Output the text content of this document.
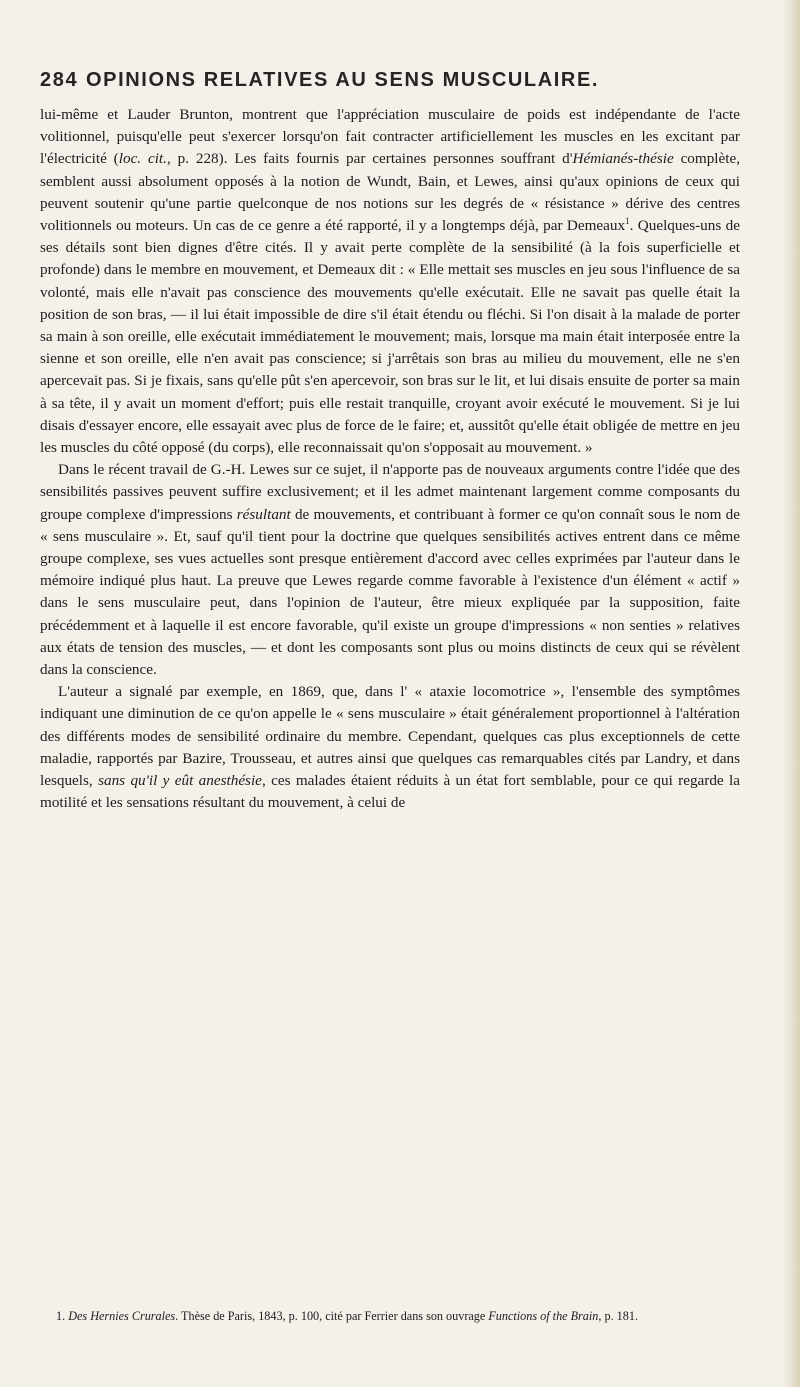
284 OPINIONS RELATIVES AU SENS MUSCULAIRE.

lui-même et Lauder Brunton, montrent que l'appréciation musculaire de poids est indépendante de l'acte volitionnel, puisqu'elle peut s'exercer lorsqu'on fait contracter artificiellement les muscles en les excitant par l'électricité (loc. cit., p. 228). Les faits fournis par certaines personnes souffrant d'Hémianés-thésie complète, semblent aussi absolument opposés à la notion de Wundt, Bain, et Lewes, ainsi qu'aux opinions de ceux qui peuvent soutenir qu'une partie quelconque de nos notions sur les degrés de « résistance » dérive des centres volitionnels ou moteurs. Un cas de ce genre a été rapporté, il y a longtemps déjà, par Demeaux$^1$. Quelques-uns de ses détails sont bien dignes d'être cités. Il y avait perte complète de la sensibilité (à la fois superficielle et profonde) dans le membre en mouvement, et Demeaux dit : « Elle mettait ses muscles en jeu sous l'influence de sa volonté, mais elle n'avait pas conscience des mouvements qu'elle exécutait. Elle ne savait pas quelle était la position de son bras, — il lui était impossible de dire s'il était étendu ou fléchi. Si l'on disait à la malade de porter sa main à son oreille, elle exécutait immédiatement le mouvement; mais, lorsque ma main était interposée entre la sienne et son oreille, elle n'en avait pas conscience; si j'arrêtais son bras au milieu du mouvement, elle ne s'en apercevait pas. Si je fixais, sans qu'elle pût s'en apercevoir, son bras sur le lit, et lui disais ensuite de porter sa main à sa tête, il y avait un moment d'effort; puis elle restait tranquille, croyant avoir exécuté le mouvement. Si je lui disais d'essayer encore, elle essayait avec plus de force de le faire; et, aussitôt qu'elle était obligée de mettre en jeu les muscles du côté opposé (du corps), elle reconnaissait qu'on s'opposait au mouvement. »

Dans le récent travail de G.-H. Lewes sur ce sujet, il n'apporte pas de nouveaux arguments contre l'idée que des sensibilités passives peuvent suffire exclusivement; et il les admet maintenant largement comme composants du groupe complexe d'impressions résultant de mouvements, et contribuant à former ce qu'on connaît sous le nom de « sens musculaire ». Et, sauf qu'il tient pour la doctrine que quelques sensibilités actives entrent dans ce même groupe complexe, ses vues actuelles sont presque entièrement d'accord avec celles exprimées par l'auteur dans le mémoire indiqué plus haut. La preuve que Lewes regarde comme favorable à l'existence d'un élément « actif » dans le sens musculaire peut, dans l'opinion de l'auteur, être mieux expliquée par la supposition, faite précédemment et à laquelle il est encore favorable, qu'il existe un groupe d'impressions « non senties » relatives aux états de tension des muscles, — et dont les composants sont plus ou moins distincts de ceux qui se révèlent dans la conscience.

L'auteur a signalé par exemple, en 1869, que, dans l' « ataxie locomotrice », l'ensemble des symptômes indiquant une diminution de ce qu'on appelle le « sens musculaire » était généralement proportionnel à l'altération des différents modes de sensibilité ordinaire du membre. Cependant, quelques cas plus exceptionnels de cette maladie, rapportés par Bazire, Trousseau, et autres ainsi que quelques cas remarquables cités par Landry, et dans lesquels, sans qu'il y eût anesthésie, ces malades étaient réduits à un état fort semblable, pour ce qui regarde la motilité et les sensations résultant du mouvement, à celui de

1. Des Hernies Crurales. Thèse de Paris, 1843, p. 100, cité par Ferrier dans son ouvrage Functions of the Brain, p. 181.
